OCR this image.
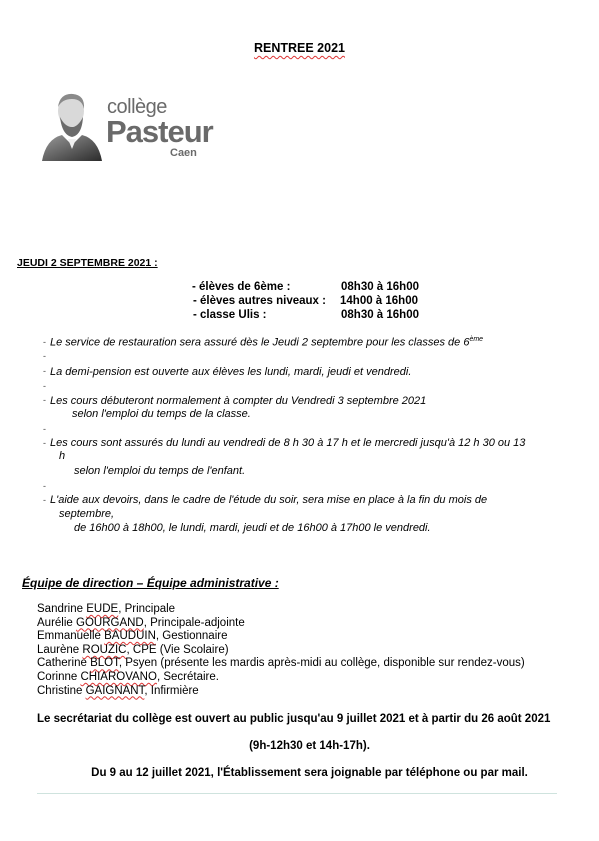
RENTREE 2021
collège
Pasteur
Caen
JEUDI 2 SEPTEMBRE 2021 :
- élèves de 6ème :	08h30 à 16h00
- élèves autres niveaux : 14h00 à 16h00
- classe Ulis :	08h30 à 16h00
-
-
-
-
-
-
-
-
-
Le service de restauration sera assuré dès le Jeudi 2 septembre pour les classes de 6ème
La demi-pension est ouverte aux élèves les lundi, mardi, jeudi et vendredi.
Les cours débuteront normalement à compter du Vendredi 3 septembre 2021
selon l'emploi du temps de la classe.
Les cours sont assurés du lundi au vendredi de 8 h 30 à 17 h et le mercredi jusqu'à 12 h 30 ou 13
h
selon l'emploi du temps de l'enfant.
L'aide aux devoirs, dans le cadre de l'étude du soir, sera mise en place à la fin du mois de
septembre,
de 16h00 à 18h00, le lundi, mardi, jeudi et de 16h00 à 17h00 le vendredi.
Équipe de direction – Équipe administrative :
Sandrine EUDE, Principale
Aurélie GOURGAND, Principale-adjointe
Emmanuelle BAUDUIN, Gestionnaire
Laurène ROUZIC, CPE (Vie Scolaire)
Catherine BLOT, Psyen (présente les mardis après-midi au collège, disponible sur rendez-vous)
Corinne CHIAROVANO, Secrétaire.
Christine GAIGNANT, Infirmière
Le secrétariat du collège est ouvert au public jusqu'au 9 juillet 2021 et à partir du 26 août 2021
(9h-12h30 et 14h-17h).
Du 9 au 12 juillet 2021, l'Établissement sera joignable par téléphone ou par mail.
